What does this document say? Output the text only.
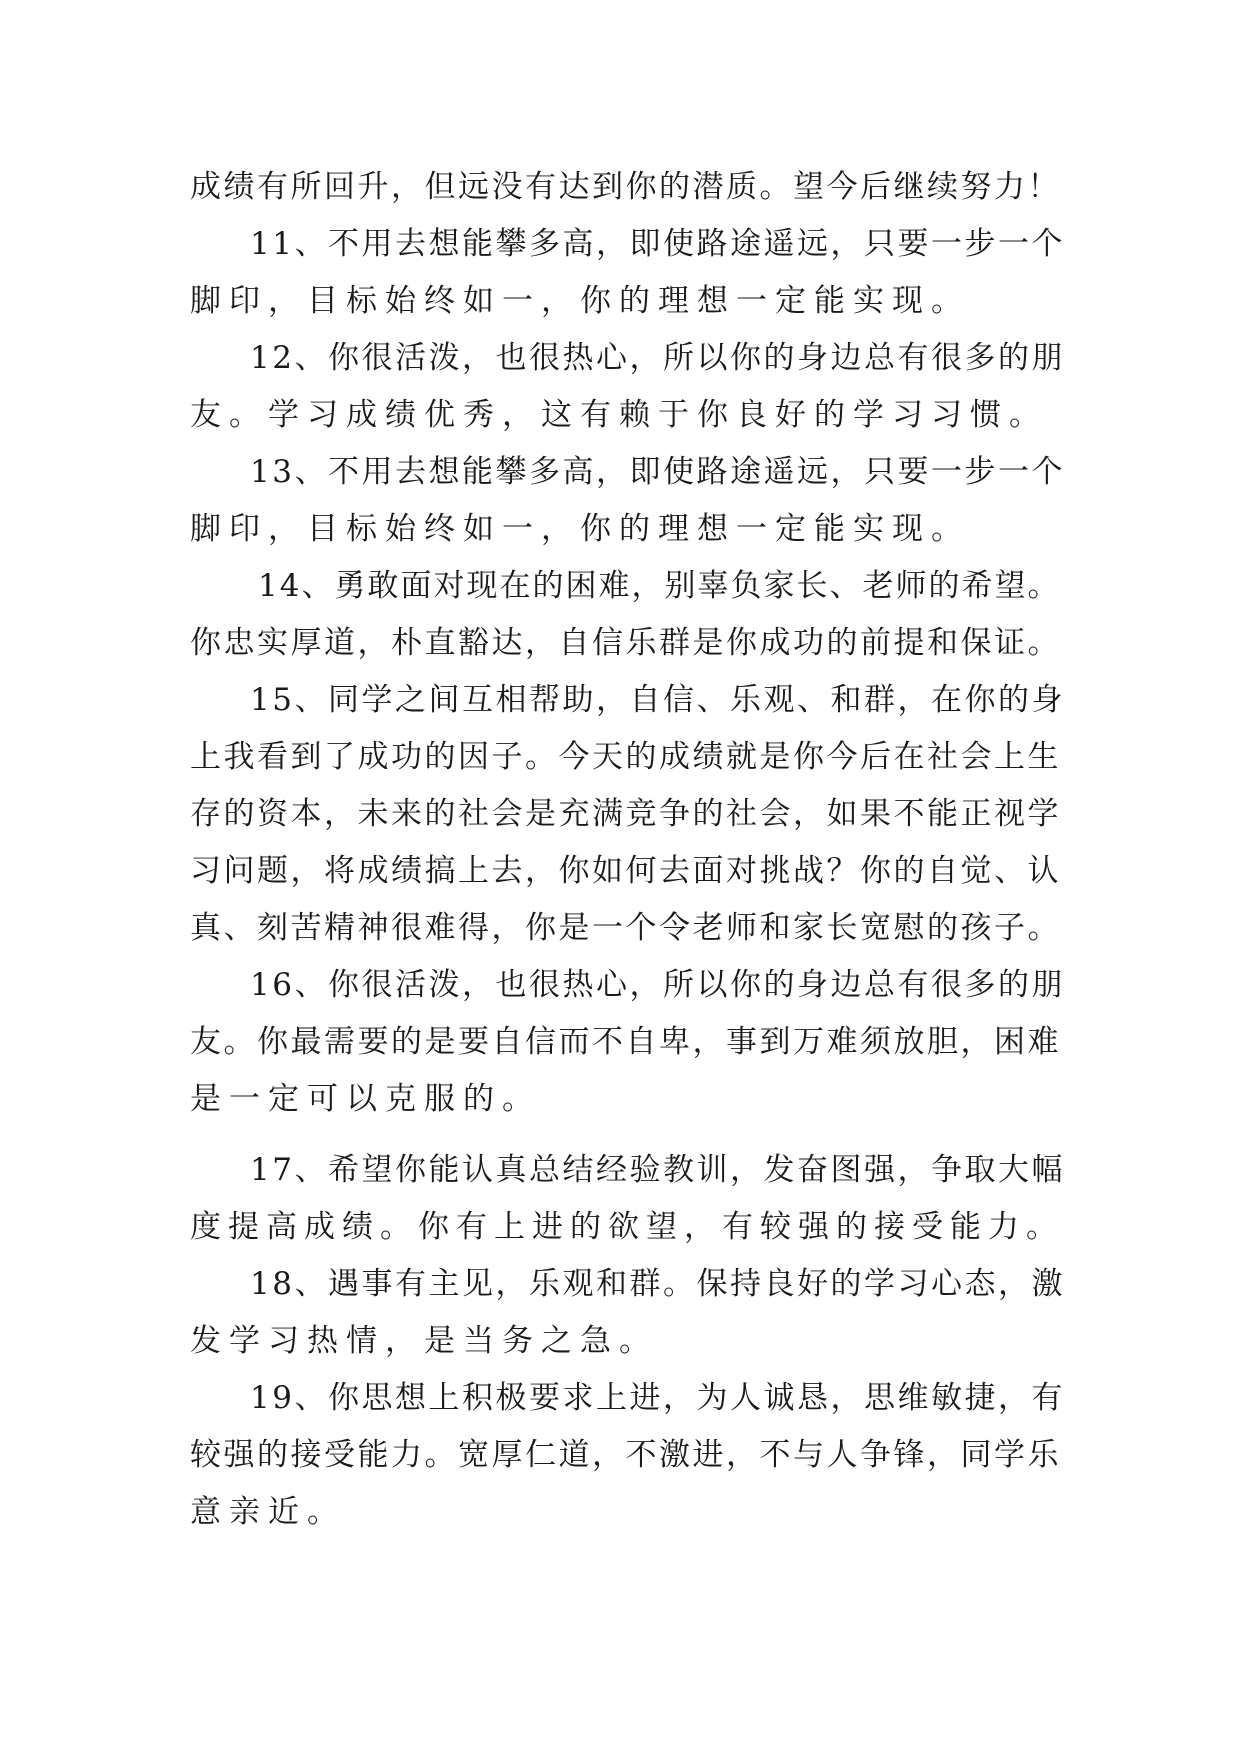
成绩有所回升，但远没有达到你的潜质。望今后继续努力！
11、不用去想能攀多高，即使路途遥远，只要一步一个
脚印，目标始终如一，你的理想一定能实现。
12、你很活泼，也很热心，所以你的身边总有很多的朋
友。学习成绩优秀，这有赖于你良好的学习习惯。
13、不用去想能攀多高，即使路途遥远，只要一步一个
脚印，目标始终如一，你的理想一定能实现。
14、勇敢面对现在的困难，别辜负家长、老师的希望。
你忠实厚道，朴直豁达，自信乐群是你成功的前提和保证。
15、同学之间互相帮助，自信、乐观、和群，在你的身
上我看到了成功的因子。今天的成绩就是你今后在社会上生
存的资本，未来的社会是充满竞争的社会，如果不能正视学
习问题，将成绩搞上去，你如何去面对挑战？你的自觉、认
真、刻苦精神很难得，你是一个令老师和家长宽慰的孩子。
16、你很活泼，也很热心，所以你的身边总有很多的朋
友。你最需要的是要自信而不自卑，事到万难须放胆，困难
是一定可以克服的。
17、希望你能认真总结经验教训，发奋图强，争取大幅
度提高成绩。你有上进的欲望，有较强的接受能力。
18、遇事有主见，乐观和群。保持良好的学习心态，激
发学习热情，是当务之急。
19、你思想上积极要求上进，为人诚恳，思维敏捷，有
较强的接受能力。宽厚仁道，不激进，不与人争锋，同学乐
意亲近。
